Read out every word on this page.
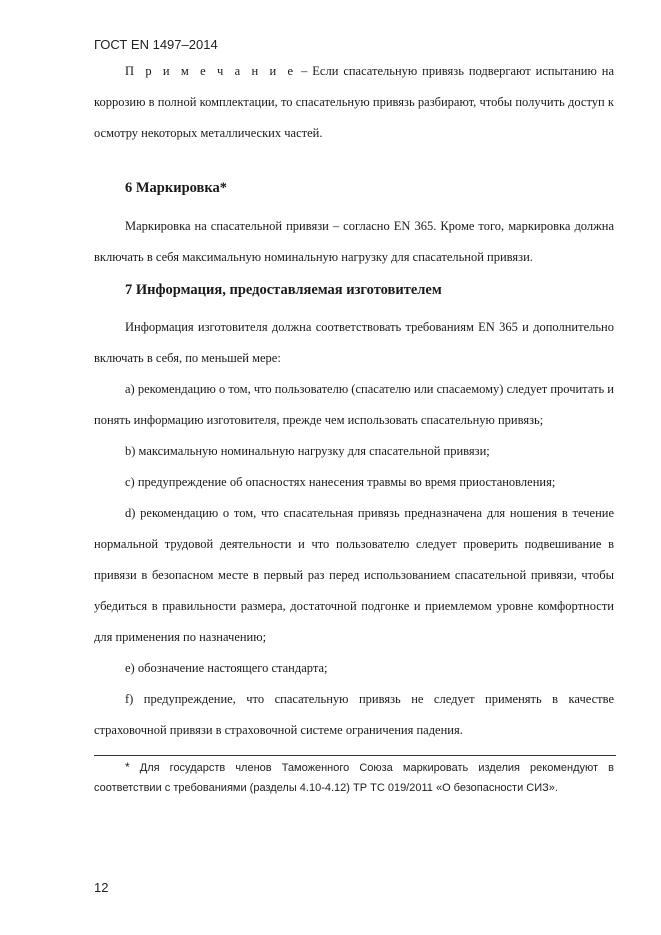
ГОСТ EN 1497–2014

П р и м е ч а н и е – Если спасательную привязь подвергают испытанию на коррозию в полной комплектации, то спасательную привязь разбирают, чтобы получить доступ к осмотру некоторых металлических частей.

6 Маркировка*

Маркировка на спасательной привязи – согласно EN 365. Кроме того, маркировка должна включать в себя максимальную номинальную нагрузку для спасательной привязи.

7 Информация, предоставляемая изготовителем

Информация изготовителя должна соответствовать требованиям EN 365 и дополнительно включать в себя, по меньшей мере:

а) рекомендацию о том, что пользователю (спасателю или спасаемому) следует прочитать и понять информацию изготовителя, прежде чем использовать спасательную привязь;

b) максимальную номинальную нагрузку для спасательной привязи;

с) предупреждение об опасностях нанесения травмы во время приостановления;

d) рекомендацию о том, что спасательная привязь предназначена для ношения в течение нормальной трудовой деятельности и что пользователю следует проверить подвешивание в привязи в безопасном месте в первый раз перед использованием спасательной привязи, чтобы убедиться в правильности размера, достаточной подгонке и приемлемом уровне комфортности для применения по назначению;

е) обозначение настоящего стандарта;

f) предупреждение, что спасательную привязь не следует применять в качестве страховочной привязи в страховочной системе ограничения падения.

* Для государств членов Таможенного Союза маркировать изделия рекомендуют в соответствии с требованиями (разделы 4.10-4.12) ТР ТС 019/2011 «О безопасности СИЗ».
12
